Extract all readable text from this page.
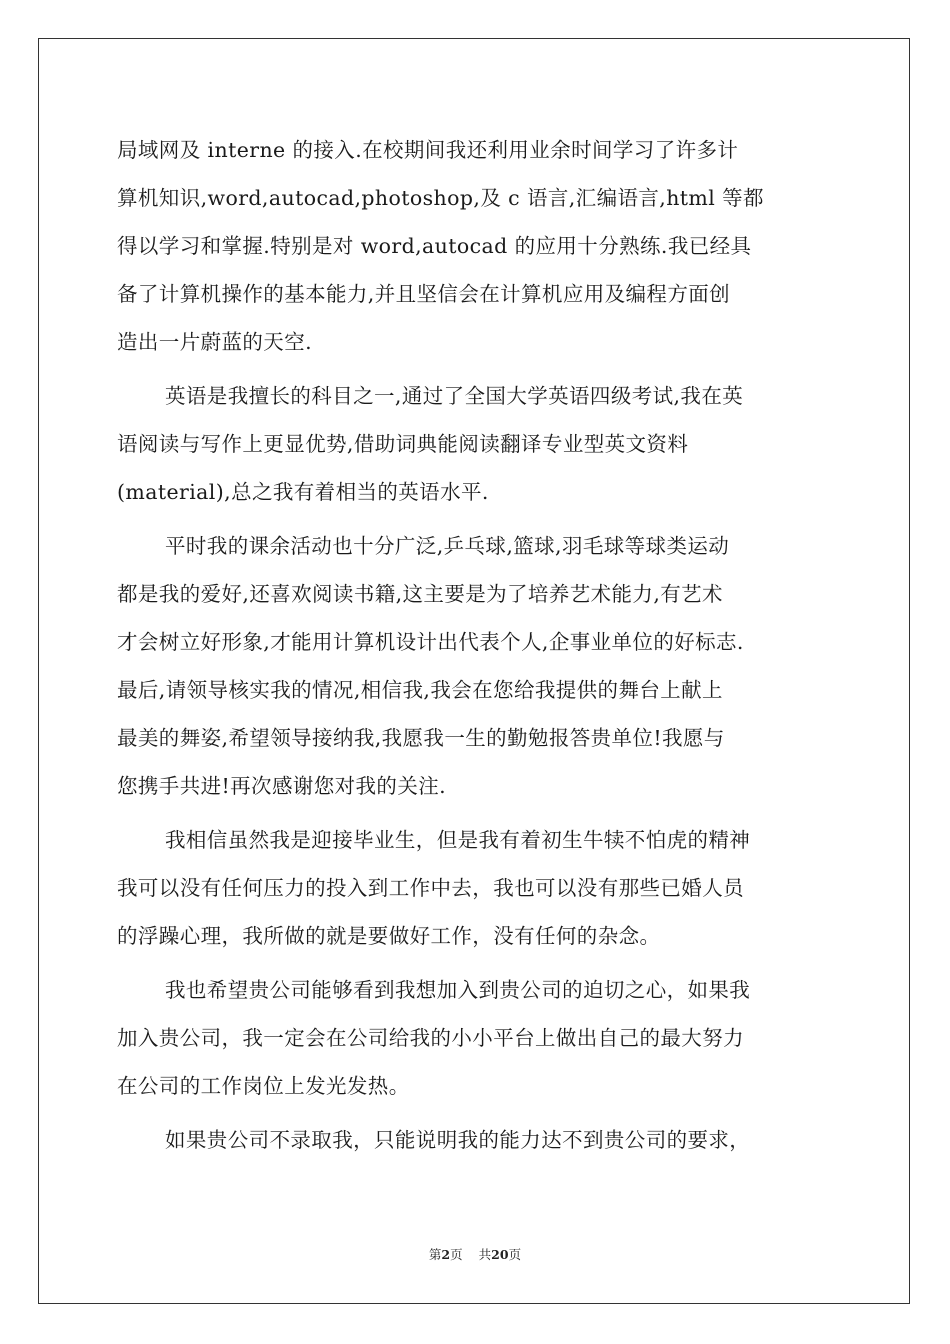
局域网及 interne 的接入.在校期间我还利用业余时间学习了许多计
算机知识,word,autocad,photoshop,及 c 语言,汇编语言,html 等都
得以学习和掌握.特别是对 word,autocad 的应用十分熟练.我已经具
备了计算机操作的基本能力,并且坚信会在计算机应用及编程方面创
造出一片蔚蓝的天空.
英语是我擅长的科目之一,通过了全国大学英语四级考试,我在英
语阅读与写作上更显优势,借助词典能阅读翻译专业型英文资料
(material),总之我有着相当的英语水平.
平时我的课余活动也十分广泛,乒乓球,篮球,羽毛球等球类运动
都是我的爱好,还喜欢阅读书籍,这主要是为了培养艺术能力,有艺术
才会树立好形象,才能用计算机设计出代表个人,企事业单位的好标志.
最后,请领导核实我的情况,相信我,我会在您给我提供的舞台上献上
最美的舞姿,希望领导接纳我,我愿我一生的勤勉报答贵单位!我愿与
您携手共进!再次感谢您对我的关注.
我相信虽然我是迎接毕业生，但是我有着初生牛犊不怕虎的精神
我可以没有任何压力的投入到工作中去，我也可以没有那些已婚人员
的浮躁心理，我所做的就是要做好工作，没有任何的杂念。
我也希望贵公司能够看到我想加入到贵公司的迫切之心，如果我
加入贵公司，我一定会在公司给我的小小平台上做出自己的最大努力
在公司的工作岗位上发光发热。
如果贵公司不录取我，只能说明我的能力达不到贵公司的要求，
第2页 共20页
